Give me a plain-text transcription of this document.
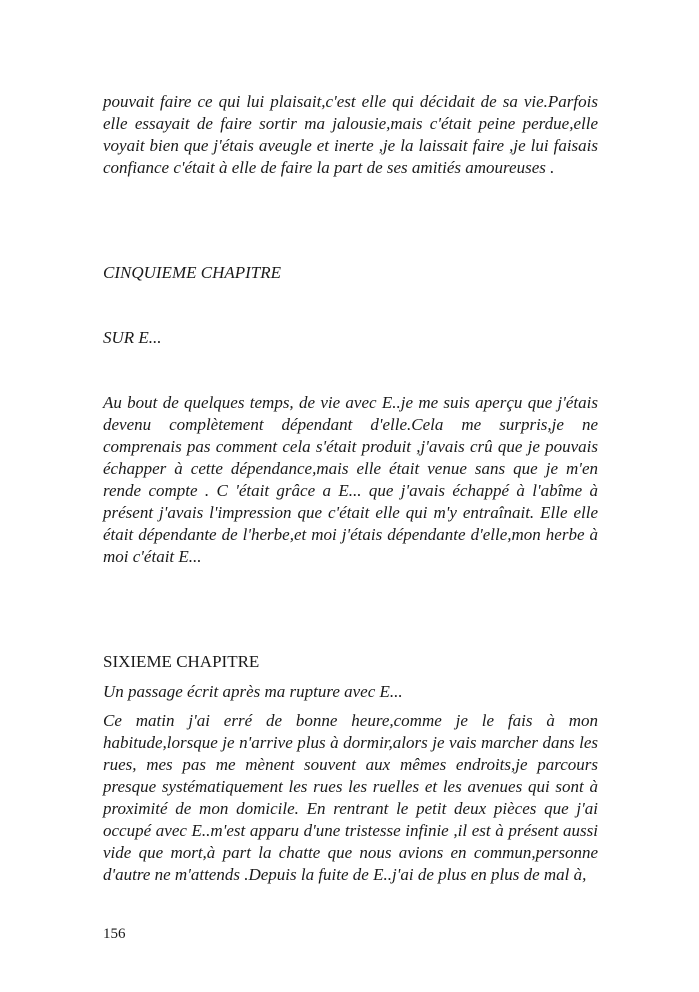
pouvait faire ce qui lui plaisait,c'est elle qui décidait de sa vie.Parfois elle essayait de faire sortir ma jalousie,mais c'était peine perdue,elle voyait bien que j'étais aveugle et inerte ,je la laissait faire ,je lui faisais confiance c'était à elle de faire la part de ses amitiés amoureuses .
CINQUIEME CHAPITRE
SUR E...
Au bout de quelques temps, de vie avec E..je me suis aperçu que j'étais devenu complètement dépendant d'elle.Cela me surpris,je ne comprenais pas comment cela s'était produit ,j'avais crû que je pouvais échapper à cette dépendance,mais elle était venue sans que je m'en rende compte . C 'était grâce a E... que j'avais échappé à l'abîme à présent j'avais l'impression que c'était elle qui m'y entraînait. Elle elle était dépendante de l'herbe,et moi j'étais dépendante d'elle,mon herbe à moi c'était E...
SIXIEME CHAPITRE
Un passage écrit après ma rupture avec E...
Ce matin j'ai erré de bonne heure,comme je le fais à mon habitude,lorsque je n'arrive plus à dormir,alors je vais marcher dans les rues, mes pas me mènent souvent aux mêmes endroits,je parcours presque systématiquement les rues les ruelles et les avenues qui sont à proximité de mon domicile. En rentrant le petit deux pièces que j'ai occupé avec E..m'est apparu d'une tristesse infinie ,il est à présent aussi vide que mort,à part la chatte que nous avions en commun,personne d'autre ne m'attends .Depuis la fuite de E..j'ai de plus en plus de mal à,
156
